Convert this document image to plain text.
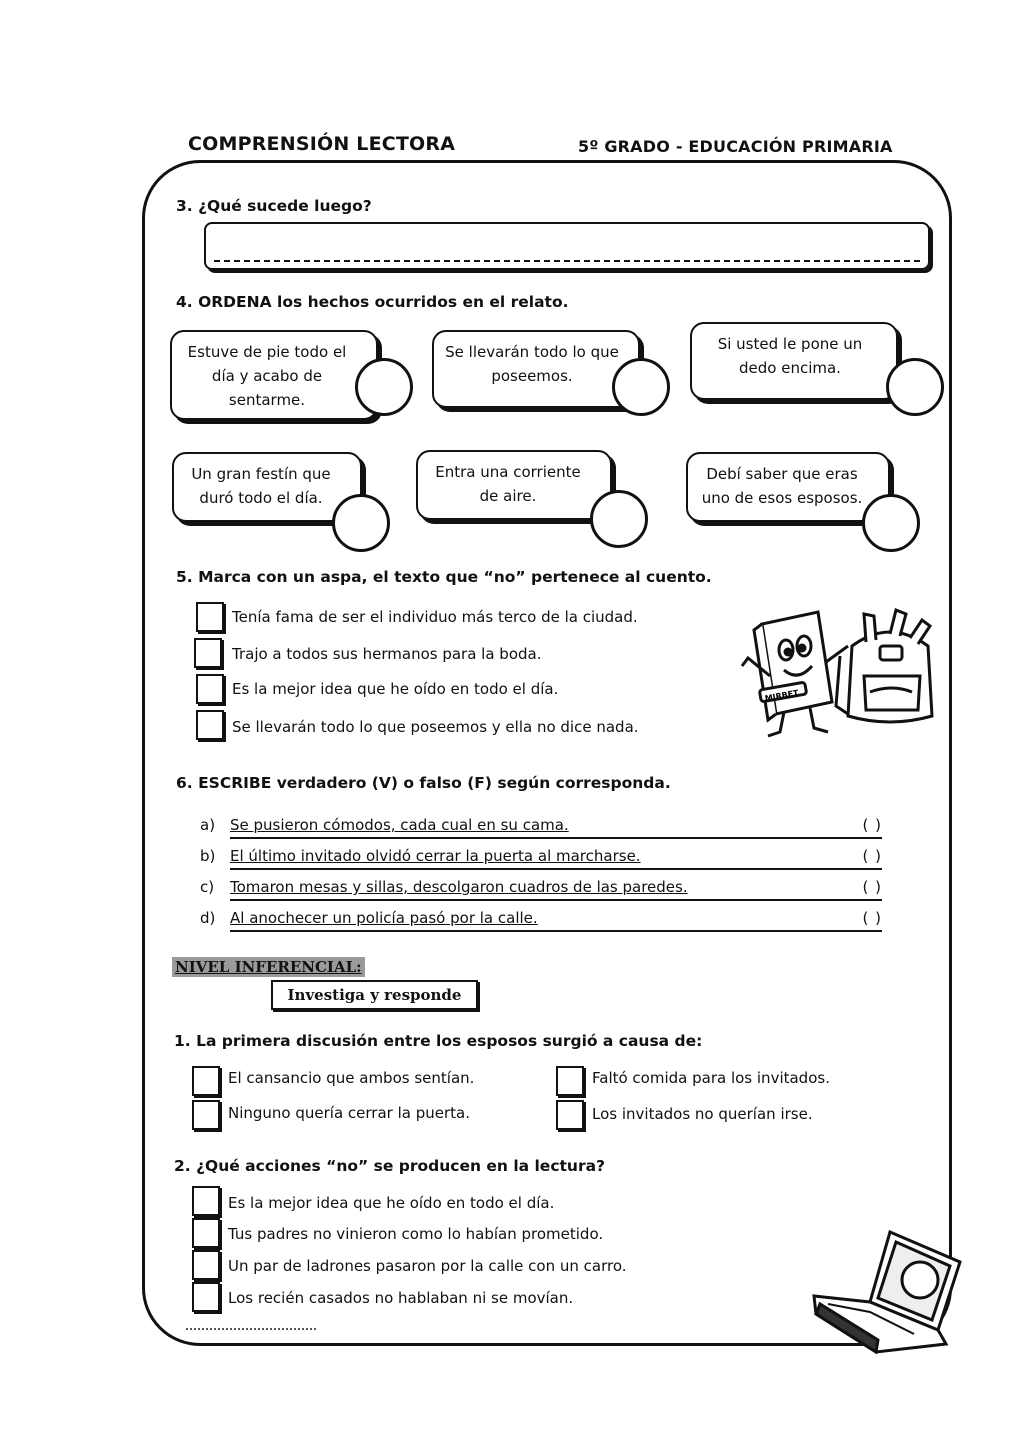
COMPRENSIÓN LECTORA	5º GRADO - EDUCACIÓN PRIMARIA
3. ¿Qué sucede luego?
4. ORDENA los hechos ocurridos en el relato.
Estuve de pie todo el día y acabo de sentarme.
Se llevarán todo lo que poseemos.
Si usted le pone un dedo encima.
Un gran festín que duró todo el día.
Entra una corriente de aire.
Debí saber que eras uno de esos esposos.
5. Marca con un aspa, el texto que “no” pertenece al cuento.
Tenía fama de ser el individuo más terco de la ciudad.
Trajo a todos sus hermanos para la boda.
Es la mejor idea que he oído en todo el día.
Se llevarán todo lo que poseemos y ella no dice nada.
MIRBET
6. ESCRIBE verdadero (V) o falso (F) según corresponda.
a) Se pusieron cómodos, cada cual en su cama.	( )
b) El último invitado olvidó cerrar la puerta al marcharse.	( )
c) Tomaron mesas y sillas, descolgaron cuadros de las paredes.	( )
d) Al anochecer un policía pasó por la calle.	( )
NIVEL INFERENCIAL:
Investiga y responde
1. La primera discusión entre los esposos surgió a causa de:
El cansancio que ambos sentían.
Ninguno quería cerrar la puerta.
Faltó comida para los invitados.
Los invitados no querían irse.
2. ¿Qué acciones “no” se producen en la lectura?
Es la mejor idea que he oído en todo el día.
Tus padres no vinieron como lo habían prometido.
Un par de ladrones pasaron por la calle con un carro.
Los recién casados no hablaban ni se movían.
